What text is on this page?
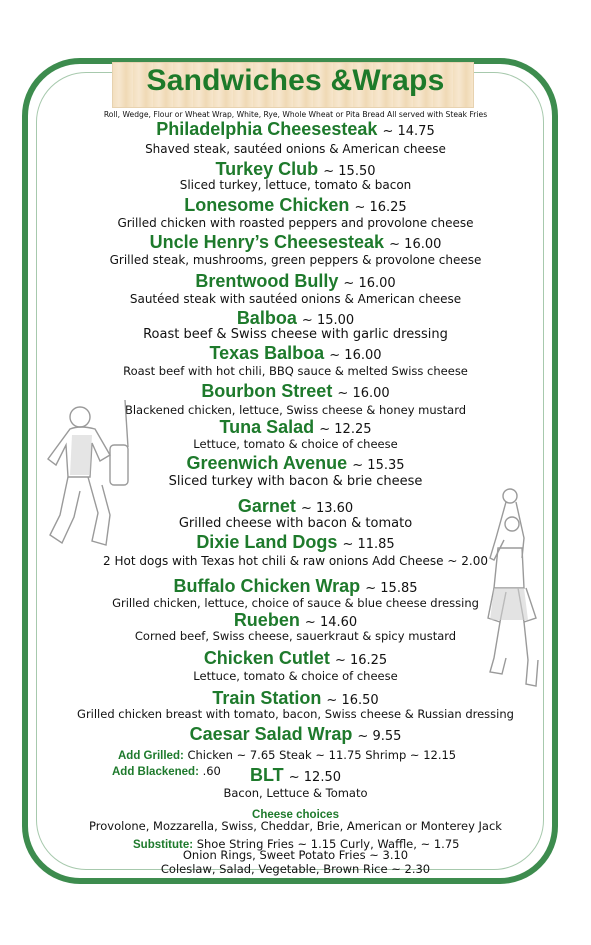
Sandwiches &Wraps
Roll, Wedge, Flour or Wheat Wrap, White, Rye, Whole Wheat or Pita Bread All served with Steak Fries
Philadelphia Cheesesteak ~ 14.75
Shaved steak, sautéed onions & American cheese
Turkey Club ~ 15.50
Sliced turkey, lettuce, tomato & bacon
Lonesome Chicken ~ 16.25
Grilled chicken with roasted peppers and provolone cheese
Uncle Henry’s Cheesesteak ~ 16.00
Grilled steak, mushrooms, green peppers & provolone cheese
Brentwood Bully ~ 16.00
Sautéed steak with sautéed onions & American cheese
Balboa ~ 15.00
Roast beef & Swiss cheese with garlic dressing
Texas Balboa ~ 16.00
Roast beef with hot chili, BBQ sauce & melted Swiss cheese
Bourbon Street ~ 16.00
Blackened chicken, lettuce, Swiss cheese & honey mustard
Tuna Salad ~ 12.25
Lettuce, tomato & choice of cheese
Greenwich Avenue ~ 15.35
Sliced turkey with bacon & brie cheese
Garnet ~ 13.60
Grilled cheese with bacon & tomato
Dixie Land Dogs ~ 11.85
2 Hot dogs with Texas hot chili & raw onions Add Cheese ~ 2.00
Buffalo Chicken Wrap ~ 15.85
Grilled chicken, lettuce, choice of sauce & blue cheese dressing
Rueben ~ 14.60
Corned beef, Swiss cheese, sauerkraut & spicy mustard
Chicken Cutlet ~ 16.25
Lettuce, tomato & choice of cheese
Train Station ~ 16.50
Grilled chicken breast with tomato, bacon, Swiss cheese & Russian dressing
Caesar Salad Wrap ~ 9.55
Add Grilled: Chicken ~ 7.65 Steak ~ 11.75 Shrimp ~ 12.15
Add Blackened: .60	BLT ~ 12.50
Bacon, Lettuce & Tomato
Cheese choices
Provolone, Mozzarella, Swiss, Cheddar, Brie, American or Monterey Jack
Substitute: Shoe String Fries ~ 1.15 Curly, Waffle, ~ 1.75
Onion Rings, Sweet Potato Fries ~ 3.10
Coleslaw, Salad, Vegetable, Brown Rice ~ 2.30
